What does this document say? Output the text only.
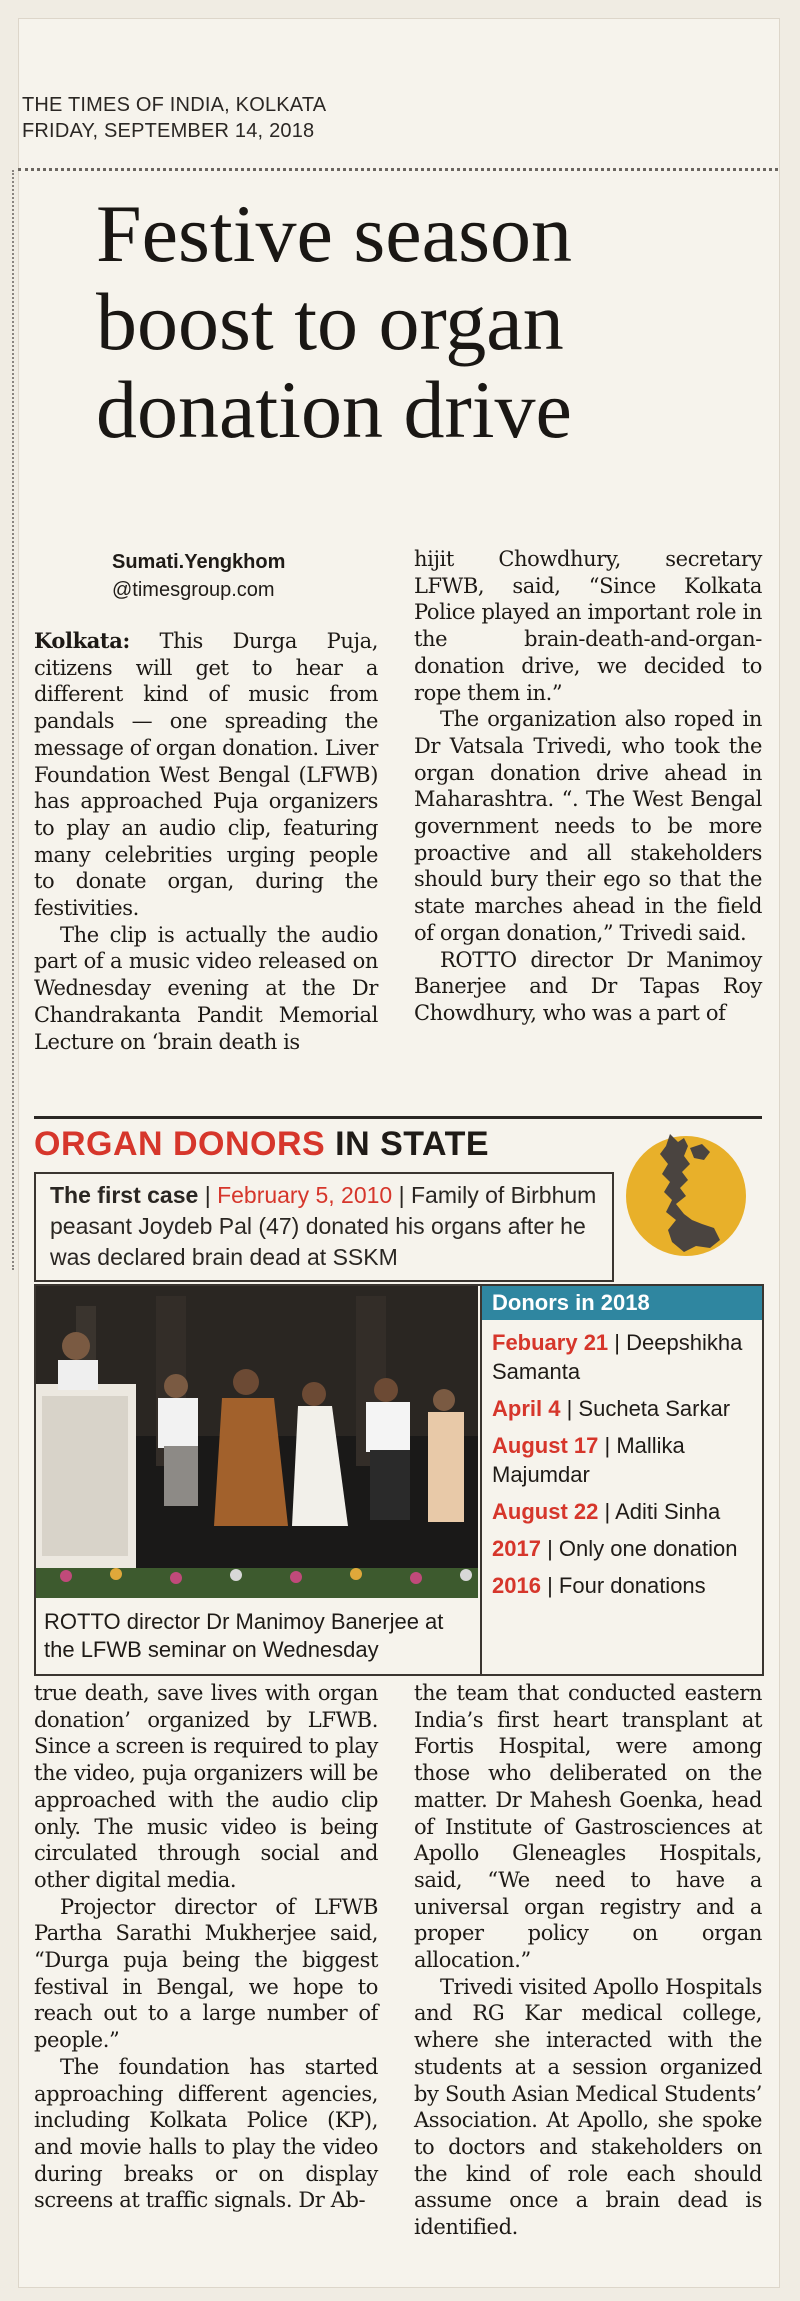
THE TIMES OF INDIA, KOLKATA
FRIDAY, SEPTEMBER 14, 2018
Festive season
boost to organ
donation drive
Sumati.Yengkhom
@timesgroup.com

Kolkata: This Durga Puja, citizens will get to hear a different kind of music from pandals — one spreading the message of organ donation. Liver Foundation West Bengal (LFWB) has approached Puja organizers to play an audio clip, featuring many celebrities urging people to donate organ, during the festivities.

The clip is actually the audio part of a music video released on Wednesday evening at the Dr Chandrakanta Pandit Memorial Lecture on ‘brain death is

hijit Chowdhury, secretary LFWB, said, “Since Kolkata Police played an important role in the brain-death-and-organ-donation drive, we decided to rope them in.”

The organization also roped in Dr Vatsala Trivedi, who took the organ donation drive ahead in Maharashtra. “. The West Bengal government needs to be more proactive and all stakeholders should bury their ego so that the state marches ahead in the field of organ donation,” Trivedi said.

ROTTO director Dr Manimoy Banerjee and Dr Tapas Roy Chowdhury, who was a part of

ORGAN DONORS IN STATE
The first case | February 5, 2010 | Family of Birbhum peasant Joydeb Pal (47) donated his organs after he was declared brain dead at SSKM
ROTTO director Dr Manimoy Banerjee at the LFWB seminar on Wednesday
Donors in 2018
Febuary 21 | Deepshikha Samanta
April 4 | Sucheta Sarkar
August 17 | Mallika Majumdar
August 22 | Aditi Sinha
2017 | Only one donation
2016 | Four donations

true death, save lives with organ donation’ organized by LFWB. Since a screen is required to play the video, puja organizers will be approached with the audio clip only. The music video is being circulated through social and other digital media.

Projector director of LFWB Partha Sarathi Mukherjee said, “Durga puja being the biggest festival in Bengal, we hope to reach out to a large number of people.”

The foundation has started approaching different agencies, including Kolkata Police (KP), and movie halls to play the video during breaks or on display screens at traffic signals. Dr Ab-

the team that conducted eastern India’s first heart transplant at Fortis Hospital, were among those who deliberated on the matter. Dr Mahesh Goenka, head of Institute of Gastrosciences at Apollo Gleneagles Hospitals, said, “We need to have a universal organ registry and a proper policy on organ allocation.”

Trivedi visited Apollo Hospitals and RG Kar medical college, where she interacted with the students at a session organized by South Asian Medical Students’ Association. At Apollo, she spoke to doctors and stakeholders on the kind of role each should assume once a brain dead is identified.
